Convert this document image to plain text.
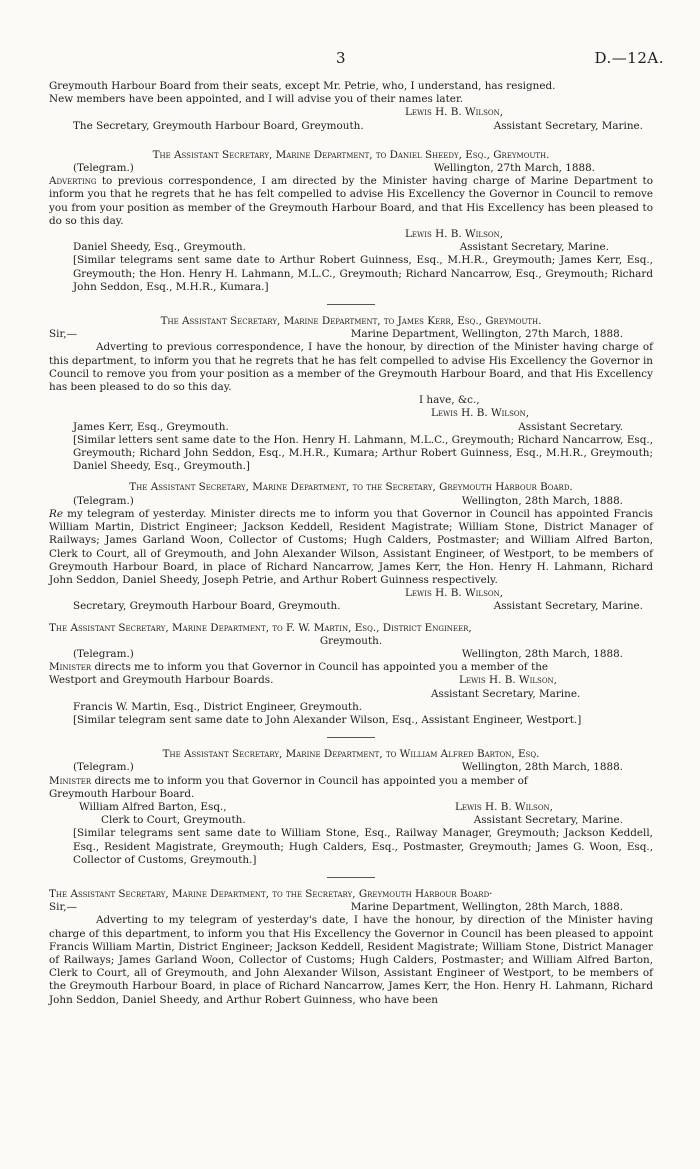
3	D.—12A.

Greymouth Harbour Board from their seats, except Mr. Petrie, who, I understand, has resigned.

New members have been appointed, and I will advise you of their names later.

Lewis H. B. Wilson,

The Secretary, Greymouth Harbour Board, Greymouth.	Assistant Secretary, Marine.

The Assistant Secretary, Marine Department, to Daniel Sheedy, Esq., Greymouth.

(Telegram.)	Wellington, 27th March, 1888.

Adverting to previous correspondence, I am directed by the Minister having charge of Marine Department to inform you that he regrets that he has felt compelled to advise His Excellency the Governor in Council to remove you from your position as member of the Greymouth Harbour Board, and that His Excellency has been pleased to do so this day.

Lewis H. B. Wilson,

Daniel Sheedy, Esq., Greymouth.	Assistant Secretary, Marine.

[Similar telegrams sent same date to Arthur Robert Guinness, Esq., M.H.R., Greymouth; James Kerr, Esq., Greymouth; the Hon. Henry H. Lahmann, M.L.C., Greymouth; Richard Nancarrow, Esq., Greymouth; Richard John Seddon, Esq., M.H.R., Kumara.]

The Assistant Secretary, Marine Department, to James Kerr, Esq., Greymouth.

Sir,—	Marine Department, Wellington, 27th March, 1888.

Adverting to previous correspondence, I have the honour, by direction of the Minister having charge of this department, to inform you that he regrets that he has felt compelled to advise His Excellency the Governor in Council to remove you from your position as a member of the Greymouth Harbour Board, and that His Excellency has been pleased to do so this day.

I have, &c.,

Lewis H. B. Wilson,

James Kerr, Esq., Greymouth.	Assistant Secretary.

[Similar letters sent same date to the Hon. Henry H. Lahmann, M.L.C., Greymouth; Richard Nancarrow, Esq., Greymouth; Richard John Seddon, Esq., M.H.R., Kumara; Arthur Robert Guinness, Esq., M.H.R., Greymouth; Daniel Sheedy, Esq., Greymouth.]

The Assistant Secretary, Marine Department, to the Secretary, Greymouth Harbour Board.

(Telegram.)	Wellington, 28th March, 1888.

Re my telegram of yesterday. Minister directs me to inform you that Governor in Council has appointed Francis William Martin, District Engineer; Jackson Keddell, Resident Magistrate; William Stone, District Manager of Railways; James Garland Woon, Collector of Customs; Hugh Calders, Postmaster; and William Alfred Barton, Clerk to Court, all of Greymouth, and John Alexander Wilson, Assistant Engineer, of Westport, to be members of Greymouth Harbour Board, in place of Richard Nancarrow, James Kerr, the Hon. Henry H. Lahmann, Richard John Seddon, Daniel Sheedy, Joseph Petrie, and Arthur Robert Guinness respectively.

Lewis H. B. Wilson,

Secretary, Greymouth Harbour Board, Greymouth.	Assistant Secretary, Marine.

The Assistant Secretary, Marine Department, to F. W. Martin, Esq., District Engineer,

Greymouth.

(Telegram.)	Wellington, 28th March, 1888.

Minister directs me to inform you that Governor in Council has appointed you a member of the

Westport and Greymouth Harbour Boards.	Lewis H. B. Wilson,

Assistant Secretary, Marine.

Francis W. Martin, Esq., District Engineer, Greymouth.

[Similar telegram sent same date to John Alexander Wilson, Esq., Assistant Engineer, Westport.]

The Assistant Secretary, Marine Department, to William Alfred Barton, Esq.

(Telegram.)	Wellington, 28th March, 1888.

Minister directs me to inform you that Governor in Council has appointed you a member of

Greymouth Harbour Board.

William Alfred Barton, Esq.,	Lewis H. B. Wilson,
Clerk to Court, Greymouth.	Assistant Secretary, Marine.

[Similar telegrams sent same date to William Stone, Esq., Railway Manager, Greymouth; Jackson Keddell, Esq., Resident Magistrate, Greymouth; Hugh Calders, Esq., Postmaster, Greymouth; James G. Woon, Esq., Collector of Customs, Greymouth.]

The Assistant Secretary, Marine Department, to the Secretary, Greymouth Harbour Board·

Sir,—	Marine Department, Wellington, 28th March, 1888.

Adverting to my telegram of yesterday's date, I have the honour, by direction of the Minister having charge of this department, to inform you that His Excellency the Governor in Council has been pleased to appoint Francis William Martin, District Engineer; Jackson Keddell, Resident Magistrate; William Stone, District Manager of Railways; James Garland Woon, Collector of Customs; Hugh Calders, Postmaster; and William Alfred Barton, Clerk to Court, all of Greymouth, and John Alexander Wilson, Assistant Engineer of Westport, to be members of the Greymouth Harbour Board, in place of Richard Nancarrow, James Kerr, the Hon. Henry H. Lahmann, Richard John Seddon, Daniel Sheedy, and Arthur Robert Guinness, who have been
